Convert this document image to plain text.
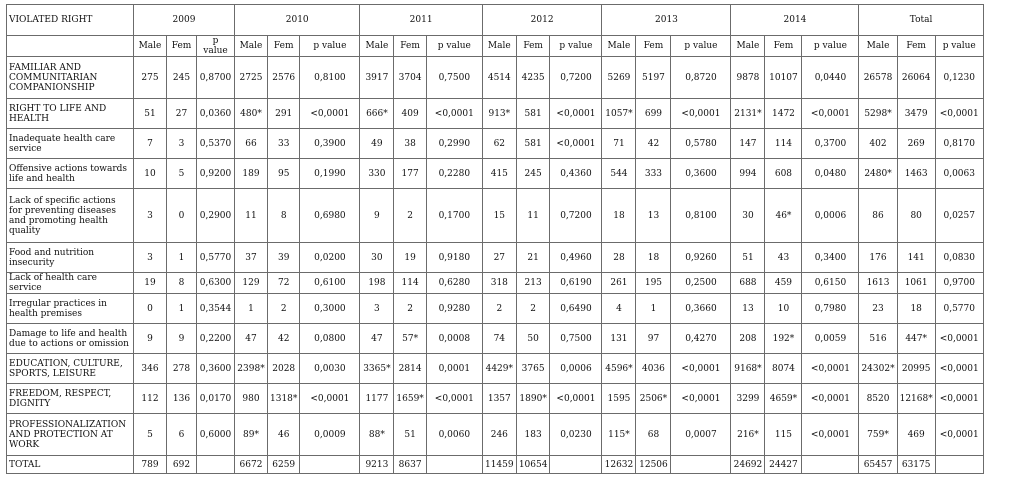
VIOLATED RIGHT	2009			2010			2011			2012			2013			2014			Total		
	Male	Fem	p value	Male	Fem	p value	Male	Fem	p value	Male	Fem	p value	Male	Fem	p value	Male	Fem	p value	Male	Fem	p value
FAMILIAR AND COMMUNITARIAN COMPANIONSHIP	275	245	0,8700	2725	2576	0,8100	3917	3704	0,7500	4514	4235	0,7200	5269	5197	0,8720	9878	10107	0,0440	26578	26064	0,1230
RIGHT TO LIFE AND HEALTH	51	27	0,0360	480*	291	<0,0001	666*	409	<0,0001	913*	581	<0,0001	1057*	699	<0,0001	2131*	1472	<0,0001	5298*	3479	<0,0001
Inadequate health care service	7	3	0,5370	66	33	0,3900	49	38	0,2990	62	581	<0,0001	71	42	0,5780	147	114	0,3700	402	269	0,8170
Offensive actions towards life and health	10	5	0,9200	189	95	0,1990	330	177	0,2280	415	245	0,4360	544	333	0,3600	994	608	0,0480	2480*	1463	0,0063
Lack of specific actions for preventing diseases and promoting health quality	3	0	0,2900	11	8	0,6980	9	2	0,1700	15	11	0,7200	18	13	0,8100	30	46*	0,0006	86	80	0,0257
Food and nutrition insecurity	3	1	0,5770	37	39	0,0200	30	19	0,9180	27	21	0,4960	28	18	0,9260	51	43	0,3400	176	141	0,0830
Lack of health care service	19	8	0,6300	129	72	0,6100	198	114	0,6280	318	213	0,6190	261	195	0,2500	688	459	0,6150	1613	1061	0,9700
Irregular practices in health premises	0	1	0,3544	1	2	0,3000	3	2	0,9280	2	2	0,6490	4	1	0,3660	13	10	0,7980	23	18	0,5770
Damage to life and health due to actions or omission	9	9	0,2200	47	42	0,0800	47	57*	0,0008	74	50	0,7500	131	97	0,4270	208	192*	0,0059	516	447*	<0,0001
EDUCATION, CULTURE, SPORTS, LEISURE	346	278	0,3600	2398*	2028	0,0030	3365*	2814	0,0001	4429*	3765	0,0006	4596*	4036	<0,0001	9168*	8074	<0,0001	24302*	20995	<0,0001
FREEDOM, RESPECT, DIGNITY	112	136	0,0170	980	1318*	<0,0001	1177	1659*	<0,0001	1357	1890*	<0,0001	1595	2506*	<0,0001	3299	4659*	<0,0001	8520	12168*	<0,0001
PROFESSIONALIZATION AND PROTECTION AT WORK	5	6	0,6000	89*	46	0,0009	88*	51	0,0060	246	183	0,0230	115*	68	0,0007	216*	115	<0,0001	759*	469	<0,0001
TOTAL	789	692		6672	6259		9213	8637		11459	10654		12632	12506		24692	24427		65457	63175	
